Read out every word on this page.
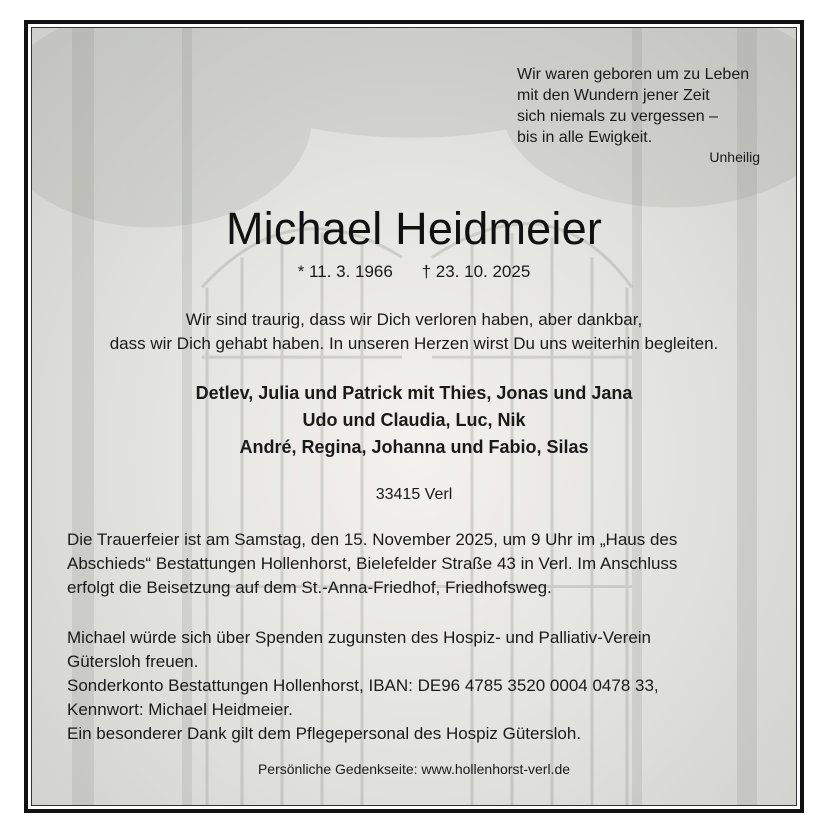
Wir waren geboren um zu Leben
mit den Wundern jener Zeit
sich niemals zu vergessen –
bis in alle Ewigkeit.
Unheilig
Michael Heidmeier
* 11. 3. 1966 † 23. 10. 2025
Wir sind traurig, dass wir Dich verloren haben, aber dankbar,
dass wir Dich gehabt haben. In unseren Herzen wirst Du uns weiterhin begleiten.
Detlev, Julia und Patrick mit Thies, Jonas und Jana
Udo und Claudia, Luc, Nik
André, Regina, Johanna und Fabio, Silas
33415 Verl
Die Trauerfeier ist am Samstag, den 15. November 2025, um 9 Uhr im „Haus des
Abschieds“ Bestattungen Hollenhorst, Bielefelder Straße 43 in Verl. Im Anschluss
erfolgt die Beisetzung auf dem St.-Anna-Friedhof, Friedhofsweg.
Michael würde sich über Spenden zugunsten des Hospiz- und Palliativ-Verein
Gütersloh freuen.
Sonderkonto Bestattungen Hollenhorst, IBAN: DE96 4785 3520 0004 0478 33,
Kennwort: Michael Heidmeier.
Ein besonderer Dank gilt dem Pflegepersonal des Hospiz Gütersloh.
Persönliche Gedenkseite: www.hollenhorst-verl.de
